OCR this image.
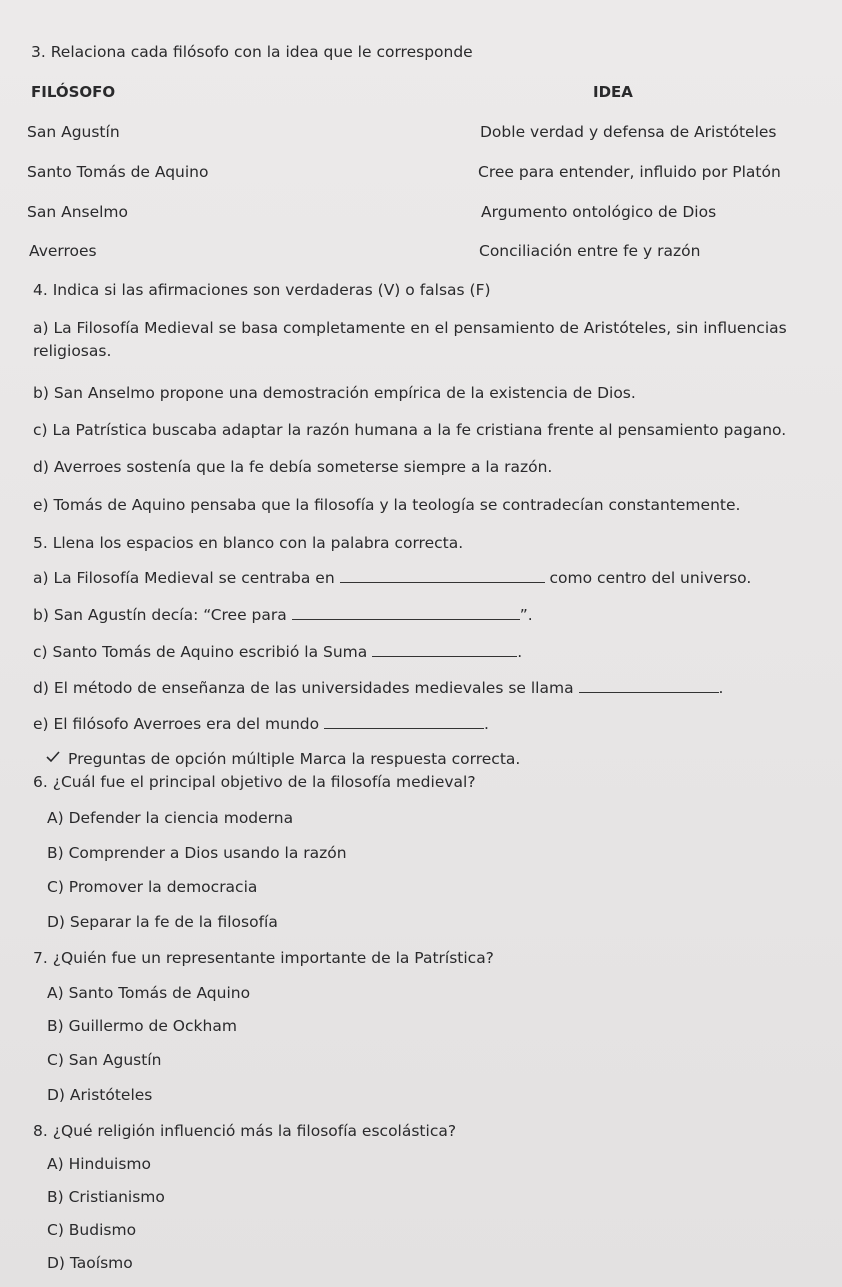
3. Relaciona cada filósofo con la idea que le corresponde
FILÓSOFO	IDEA
San Agustín	Doble verdad y defensa de Aristóteles
Santo Tomás de Aquino	Cree para entender, influido por Platón
San Anselmo	Argumento ontológico de Dios
Averroes	Conciliación entre fe y razón
4. Indica si las afirmaciones son verdaderas (V) o falsas (F)
a) La Filosofía Medieval se basa completamente en el pensamiento de Aristóteles, sin influencias
religiosas.
b) San Anselmo propone una demostración empírica de la existencia de Dios.
c) La Patrística buscaba adaptar la razón humana a la fe cristiana frente al pensamiento pagano.
d) Averroes sostenía que la fe debía someterse siempre a la razón.
e) Tomás de Aquino pensaba que la filosofía y la teología se contradecían constantemente.
5. Llena los espacios en blanco con la palabra correcta.
a) La Filosofía Medieval se centraba en	como centro del universo.
b) San Agustín decía: “Cree para	”.
c) Santo Tomás de Aquino escribió la Suma	.
d) El método de enseñanza de las universidades medievales se llama	.
e) El filósofo Averroes era del mundo	.
Preguntas de opción múltiple Marca la respuesta correcta.
6. ¿Cuál fue el principal objetivo de la filosofía medieval?
A) Defender la ciencia moderna
B) Comprender a Dios usando la razón
C) Promover la democracia
D) Separar la fe de la filosofía
7. ¿Quién fue un representante importante de la Patrística?
A) Santo Tomás de Aquino
B) Guillermo de Ockham
C) San Agustín
D) Aristóteles
8. ¿Qué religión influenció más la filosofía escolástica?
A) Hinduismo
B) Cristianismo
C) Budismo
D) Taoísmo
